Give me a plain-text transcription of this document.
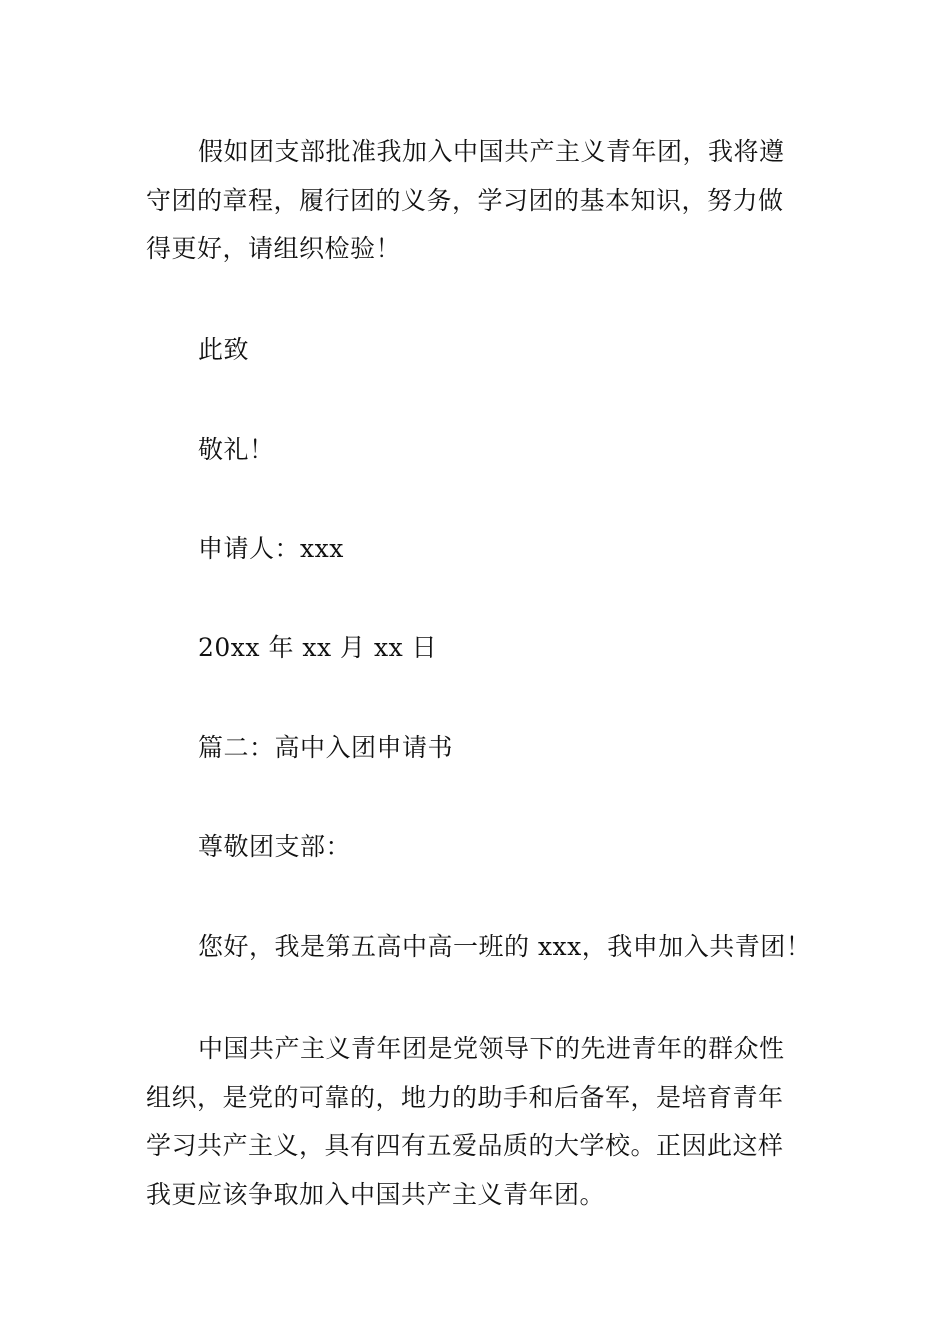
假如团支部批准我加入中国共产主义青年团，我将遵守团的章程，履行团的义务，学习团的基本知识，努力做得更好，请组织检验！

此致

敬礼！

申请人：xxx

20xx 年 xx 月 xx 日

篇二：高中入团申请书

尊敬团支部：

您好，我是第五高中高一班的 xxx，我申加入共青团！

中国共产主义青年团是党领导下的先进青年的群众性组织，是党的可靠的，地力的助手和后备军，是培育青年学习共产主义，具有四有五爱品质的大学校。正因此这样我更应该争取加入中国共产主义青年团。
